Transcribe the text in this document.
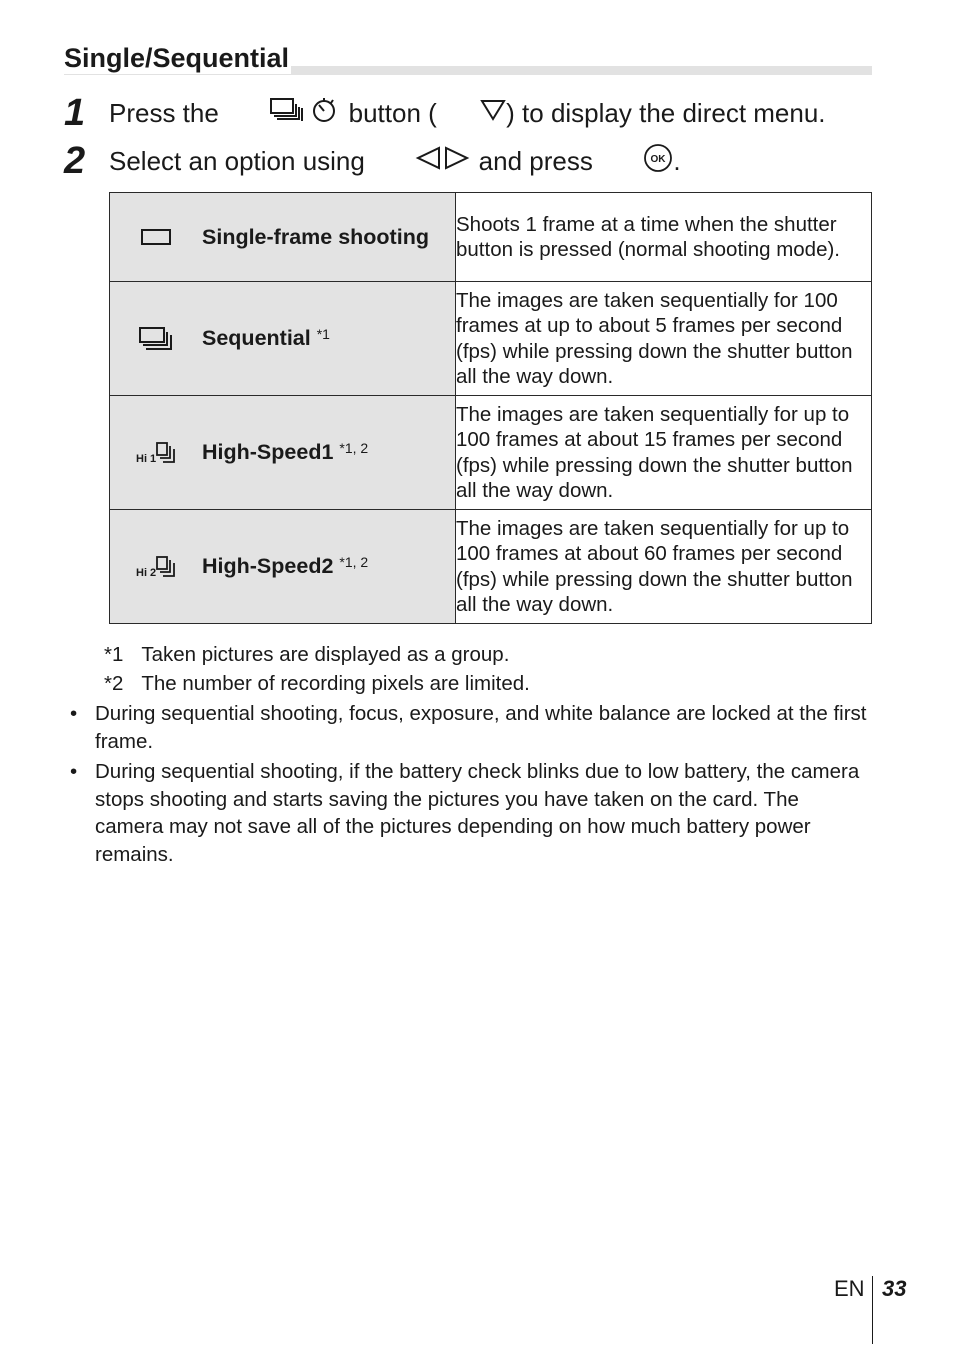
Single/Sequential
1 Press the

	button (

	) to display the direct menu.
2 Select an option using

	and press

	OK

.
Single-frame shooting	Shoots 1 frame at a time when the shutter button is pressed (normal shooting mode).

Sequential $^{*1}$	The images are taken sequentially for 100 frames at up to about 5 frames per second (fps) while pressing down the shutter button all the way down.

Hi 1 High-Speed1 $^{*1, 2}$	The images are taken sequentially for up to 100 frames at about 15 frames per second (fps) while pressing down the shutter button all the way down.

Hi 2 High-Speed2 $^{*1, 2}$	The images are taken sequentially for up to 100 frames at about 60 frames per second (fps) while pressing down the shutter button all the way down.
*1 Taken pictures are displayed as a group.
*2 The number of recording pixels are limited.
• During sequential shooting, focus, exposure, and white balance are locked at the first frame.
• During sequential shooting, if the battery check blinks due to low battery, the camera stops shooting and starts saving the pictures you have taken on the card. The camera may not save all of the pictures depending on how much battery power remains.
EN 33
